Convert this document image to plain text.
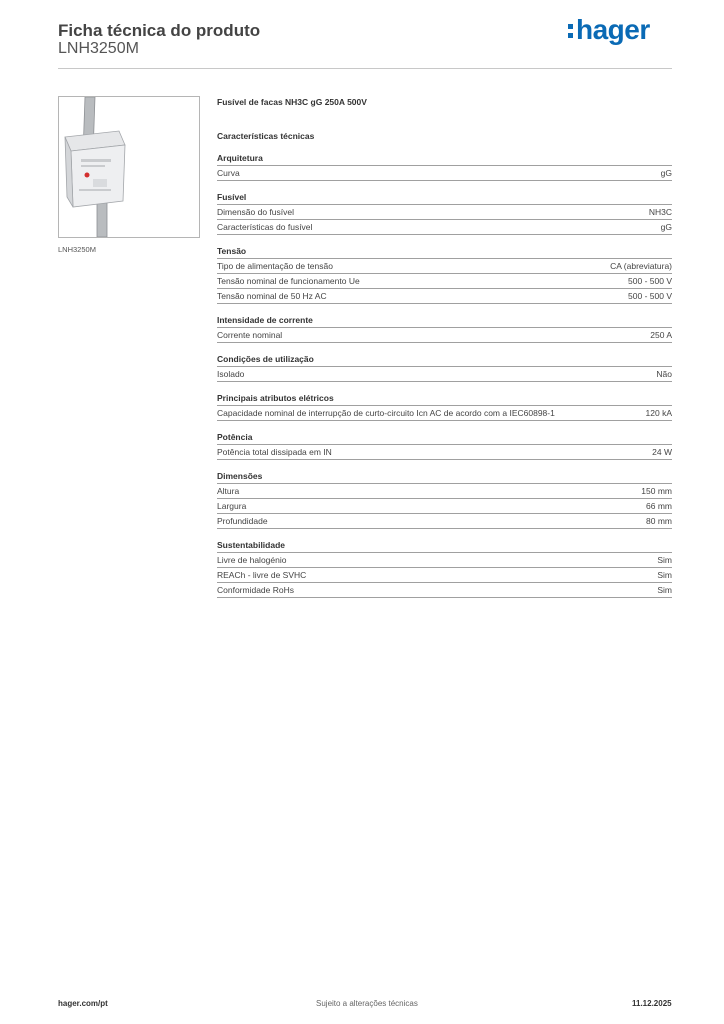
Ficha técnica do produto
LNH3250M
hager
LNH3250M
Fusível de facas NH3C gG 250A 500V
Características técnicas
Arquitetura
Curva	gG
Fusível
Dimensão do fusível	NH3C
Características do fusível	gG
Tensão
Tipo de alimentação de tensão	CA (abreviatura)
Tensão nominal de funcionamento Ue	500 - 500 V
Tensão nominal de 50 Hz AC	500 - 500 V
Intensidade de corrente
Corrente nominal	250 A
Condições de utilização
Isolado	Não
Principais atributos elétricos
Capacidade nominal de interrupção de curto-circuito Icn AC de acordo com a IEC60898-1	120 kA
Potência
Potência total dissipada em IN	24 W
Dimensões
Altura	150 mm
Largura	66 mm
Profundidade	80 mm
Sustentabilidade
Livre de halogénio	Sim
REACh - livre de SVHC	Sim
Conformidade RoHs	Sim
hager.com/pt	Sujeito a alterações técnicas	11.12.2025
